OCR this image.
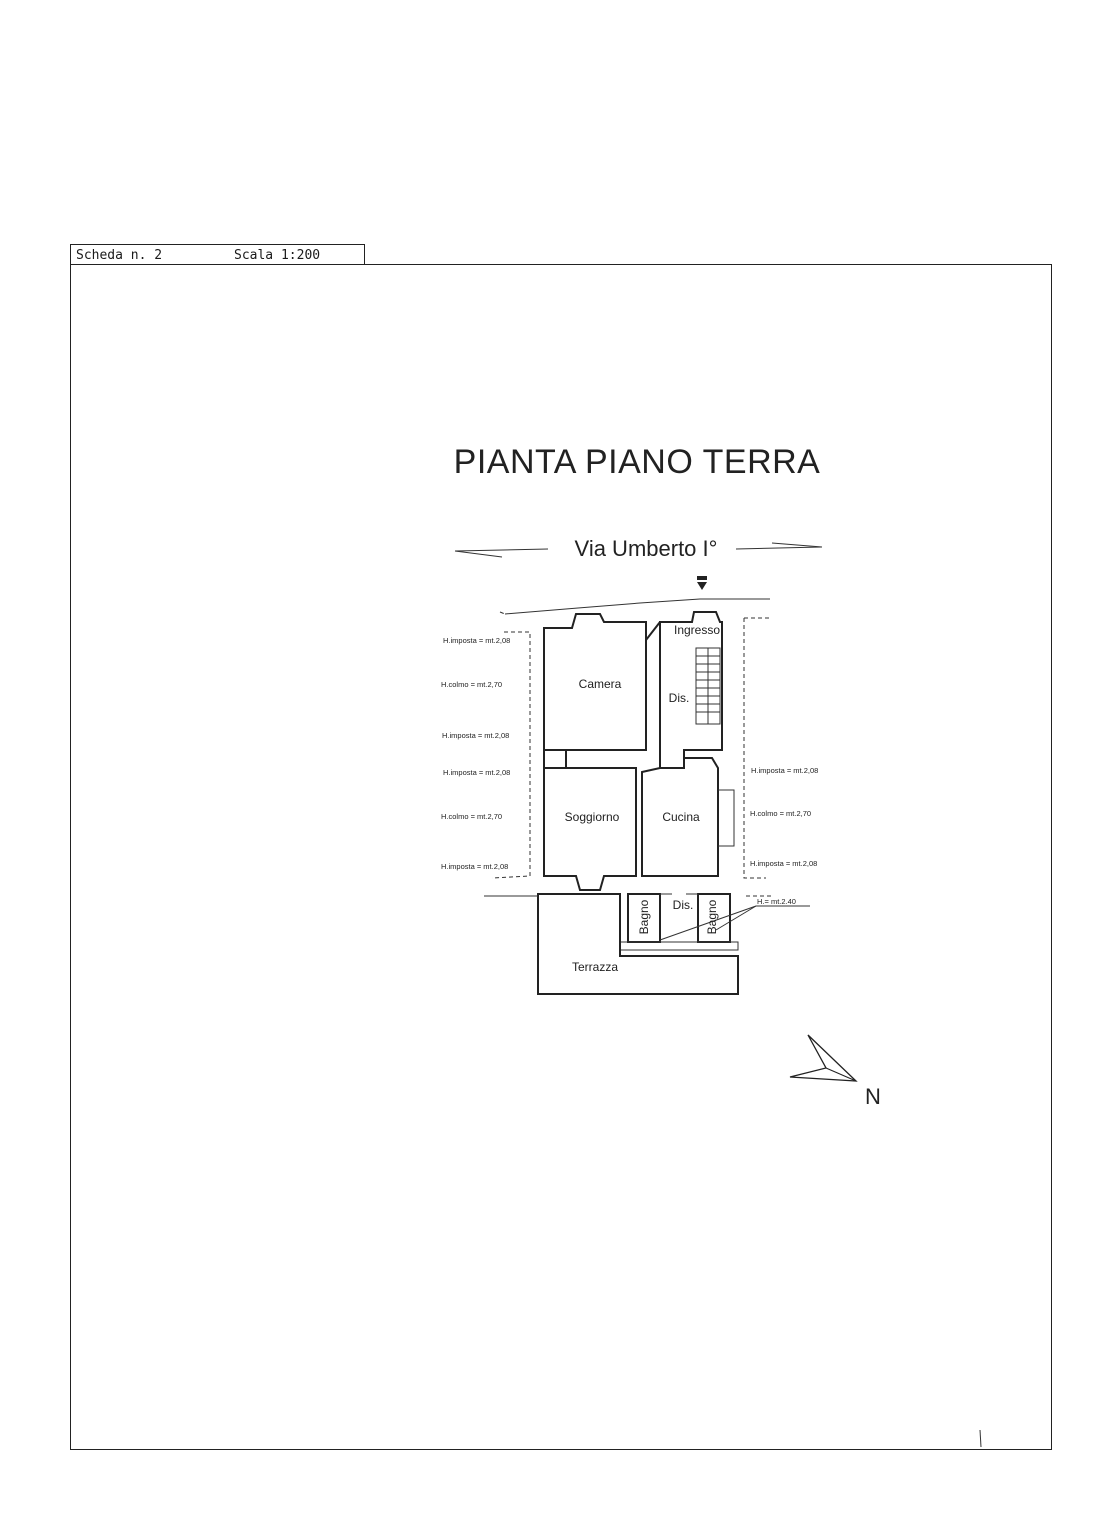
Scheda n. 2	Scala 1:200
PIANTA PIANO TERRA
Via Umberto I°
Ingresso
Camera
Dis.
Soggiorno	Cucina
Dis.
Bagno	Bagno
Terrazza
H.imposta = mt.2,08
H.colmo = mt.2,70
H.imposta = mt.2,08
H.imposta = mt.2,08
H.colmo = mt.2,70
H.imposta = mt.2,08
H.imposta = mt.2,08
H.colmo = mt.2,70
H.imposta = mt.2,08
H.= mt.2.40
N
